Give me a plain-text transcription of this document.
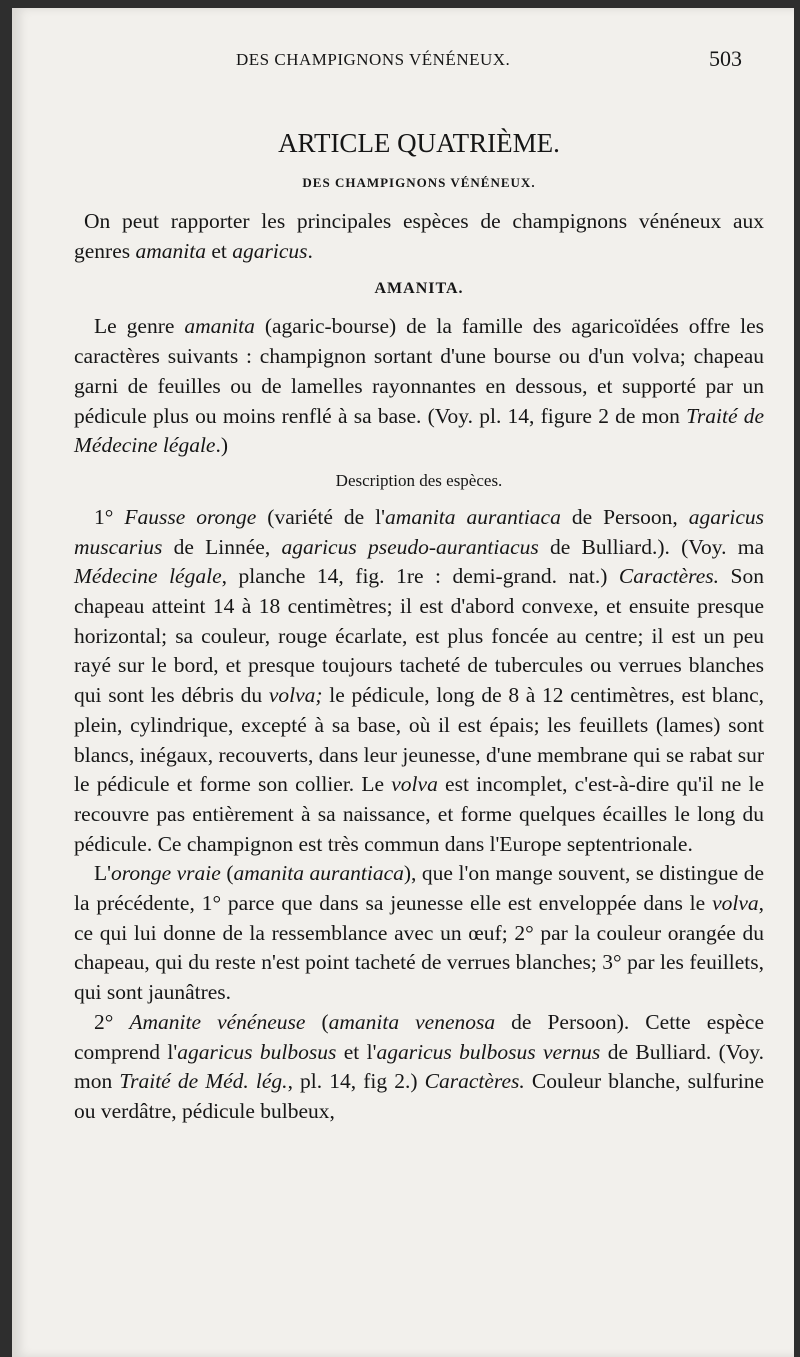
DES CHAMPIGNONS VÉNÉNEUX.	503
ARTICLE QUATRIÈME.
DES CHAMPIGNONS VÉNÉNEUX.

On peut rapporter les principales espèces de champignons vénéneux aux genres amanita et agaricus.

AMANITA.

Le genre amanita (agaric-bourse) de la famille des agaricoïdées offre les caractères suivants : champignon sortant d'une bourse ou d'un volva; chapeau garni de feuilles ou de lamelles rayonnantes en dessous, et supporté par un pédicule plus ou moins renflé à sa base. (Voy. pl. 14, figure 2 de mon Traité de Médecine légale.)

Description des espèces.

1° Fausse oronge (variété de l'amanita aurantiaca de Persoon, agaricus muscarius de Linnée, agaricus pseudo-aurantiacus de Bulliard.). (Voy. ma Médecine légale, planche 14, fig. 1re : demi-grand. nat.) Caractères. Son chapeau atteint 14 à 18 centimètres; il est d'abord convexe, et ensuite presque horizontal; sa couleur, rouge écarlate, est plus foncée au centre; il est un peu rayé sur le bord, et presque toujours tacheté de tubercules ou verrues blanches qui sont les débris du volva; le pédicule, long de 8 à 12 centimètres, est blanc, plein, cylindrique, excepté à sa base, où il est épais; les feuillets (lames) sont blancs, inégaux, recouverts, dans leur jeunesse, d'une membrane qui se rabat sur le pédicule et forme son collier. Le volva est incomplet, c'est-à-dire qu'il ne le recouvre pas entièrement à sa naissance, et forme quelques écailles le long du pédicule. Ce champignon est très commun dans l'Europe septentrionale.

L'oronge vraie (amanita aurantiaca), que l'on mange souvent, se distingue de la précédente, 1° parce que dans sa jeunesse elle est enveloppée dans le volva, ce qui lui donne de la ressemblance avec un œuf; 2° par la couleur orangée du chapeau, qui du reste n'est point tacheté de verrues blanches; 3° par les feuillets, qui sont jaunâtres.

2° Amanite vénéneuse (amanita venenosa de Persoon). Cette espèce comprend l'agaricus bulbosus et l'agaricus bulbosus vernus de Bulliard. (Voy. mon Traité de Méd. lég., pl. 14, fig 2.) Caractères. Couleur blanche, sulfurine ou verdâtre, pédicule bulbeux,
